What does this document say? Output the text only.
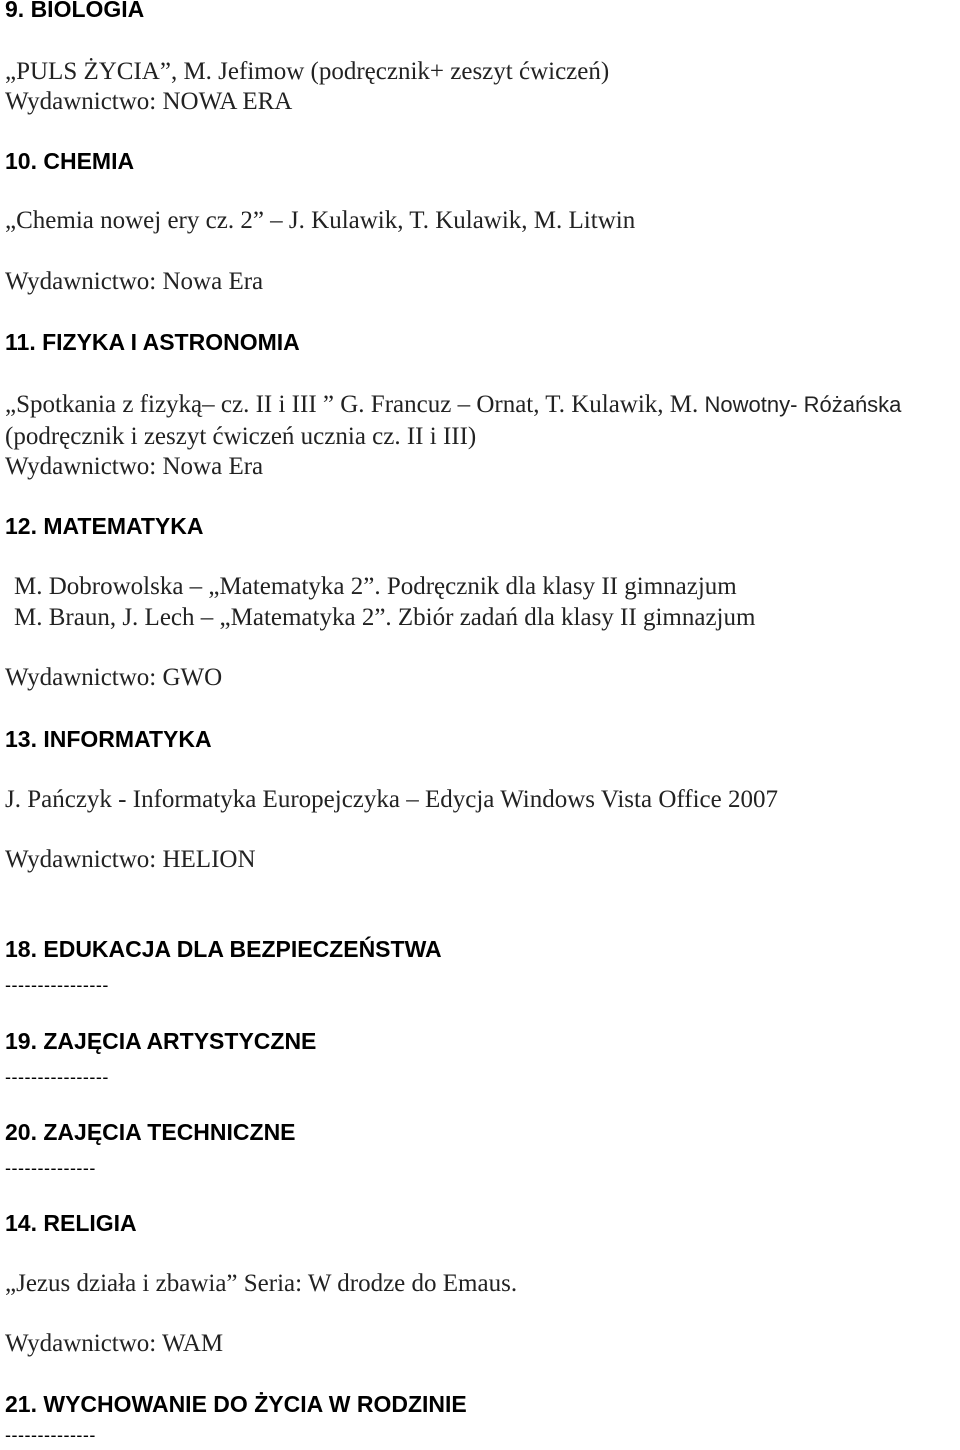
9. BIOLOGIA
„PULS ŻYCIA”, M. Jefimow (podręcznik+ zeszyt ćwiczeń)
Wydawnictwo: NOWA ERA
10. CHEMIA
„Chemia nowej ery cz. 2” – J. Kulawik, T. Kulawik, M. Litwin
Wydawnictwo: Nowa Era
11. FIZYKA I ASTRONOMIA
„Spotkania z fizyką– cz. II i III ” G. Francuz – Ornat, T. Kulawik, M. Nowotny- Różańska
(podręcznik i zeszyt ćwiczeń ucznia cz. II i III)
Wydawnictwo: Nowa Era
12. MATEMATYKA
M. Dobrowolska – „Matematyka 2”. Podręcznik dla klasy II gimnazjum
M. Braun, J. Lech – „Matematyka 2”. Zbiór zadań dla klasy II gimnazjum
Wydawnictwo: GWO
13. INFORMATYKA
J. Pańczyk - Informatyka Europejczyka – Edycja Windows Vista Office 2007
Wydawnictwo: HELION
18. EDUKACJA DLA BEZPIECZEŃSTWA
----------------
19. ZAJĘCIA ARTYSTYCZNE
----------------
20. ZAJĘCIA TECHNICZNE
--------------
14. RELIGIA
„Jezus działa i zbawia” Seria: W drodze do Emaus.
Wydawnictwo: WAM
21. WYCHOWANIE DO ŻYCIA W RODZINIE
--------------
